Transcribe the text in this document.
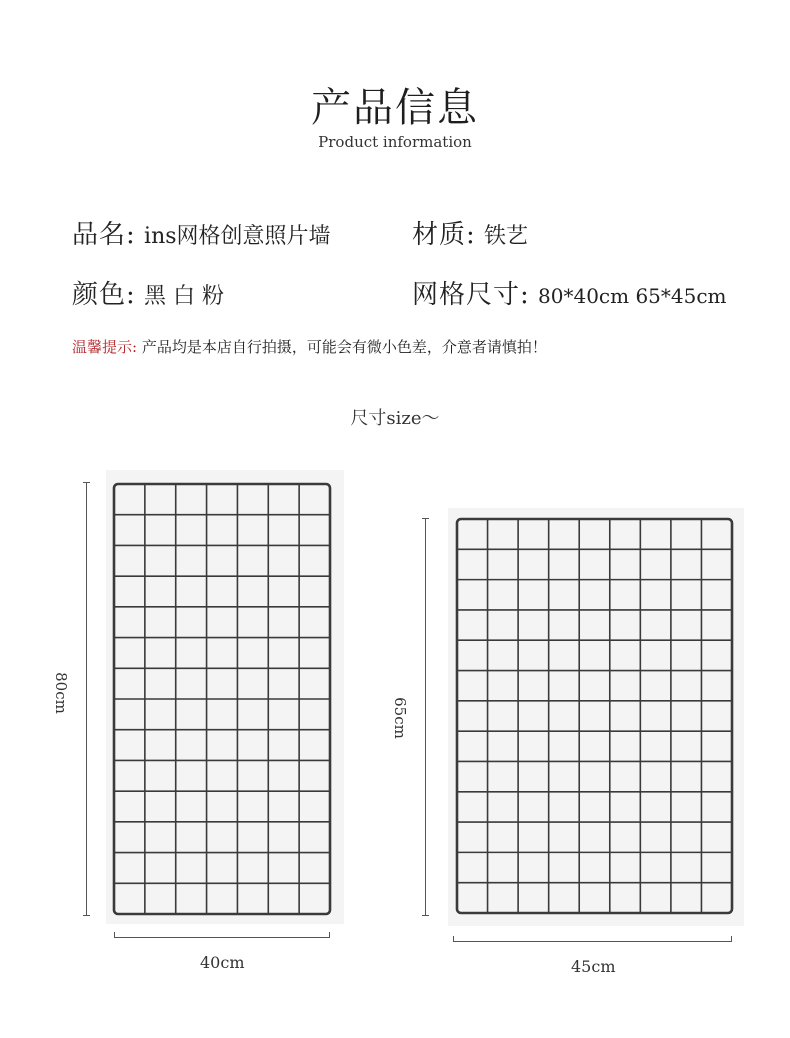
产品信息
Product information
品名: ins网格创意照片墙	材质: 铁艺
颜色: 黑 白 粉	网格尺寸: 80*40cm 65*45cm
温馨提示: 产品均是本店自行拍摄，可能会有微小色差，介意者请慎拍！
尺寸size～
80cm
40cm
65cm
45cm
